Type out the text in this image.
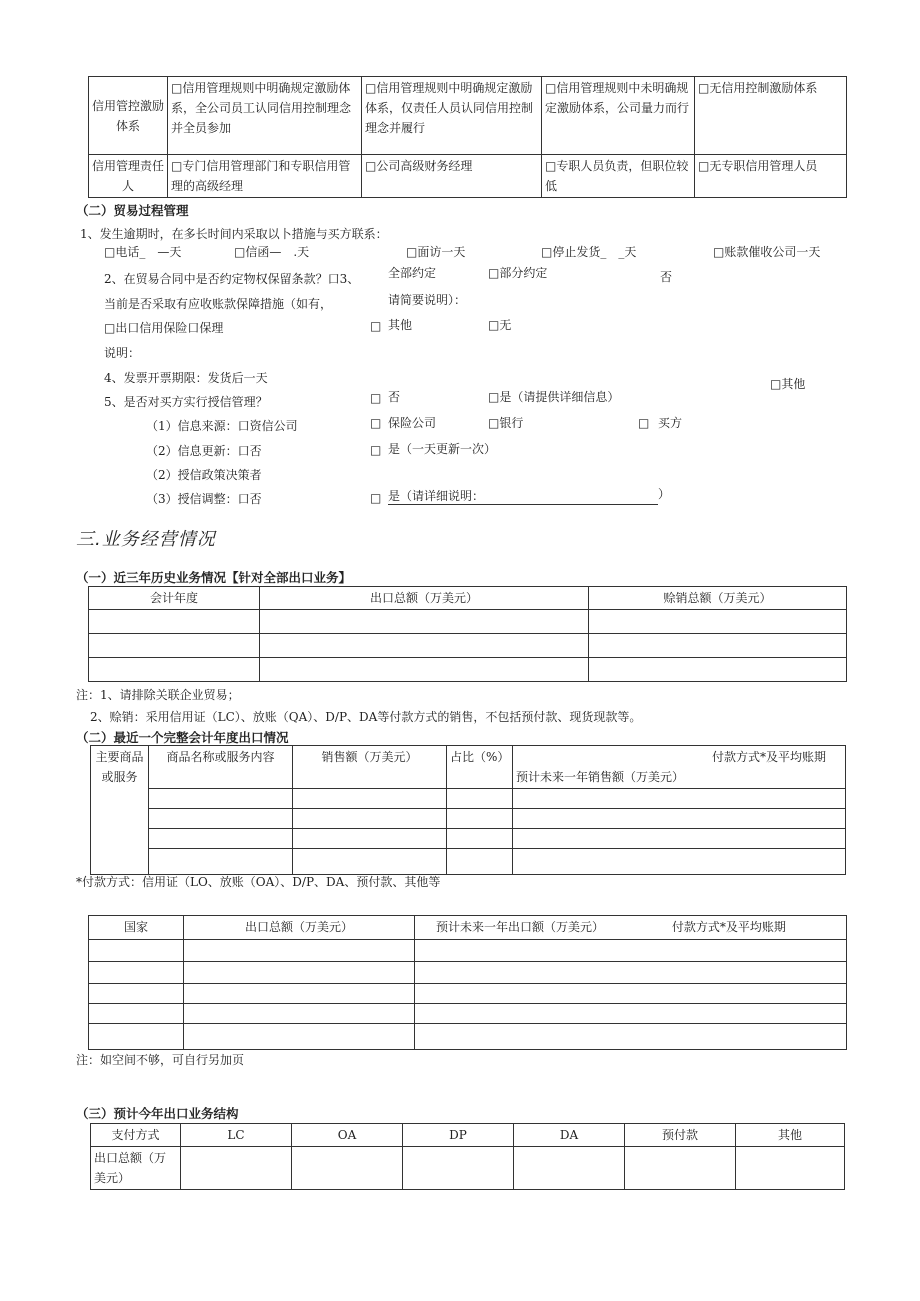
信用管控激励体系	□信用管理规则中明确规定激励体系，全公司员工认同信用控制理念并全员参加	□信用管理规则中明确规定激励体系，仅责任人员认同信用控制理念并履行	□信用管理规则中未明确规定激励体系，公司量力而行	□无信用控制激励体系
信用管理责任人	□专门信用管理部门和专职信用管理的高级经理	□公司高级财务经理	□专职人员负责，但职位较低	□无专职信用管理人员
（二）贸易过程管理
1、发生逾期时，在多长时间内采取以卜措施与买方联系：
□电话_　—天	□信函—　.天	□面访一天	□停止发货_　_天	□账款催收公司一天
2、在贸易合同中是否约定物权保留条款？口3、 全部约定	□部分约定	否
当前是否采取有应收账款保障措施（如有，	请简要说明）：
□出口信用保险口保理	□ 其他	□无
说明：
4、发票开票期限：发货后一天	□其他
5、是否对买方实行授信管理？	□ 否	□是（请提供详细信息）
（1）信息来源：口资信公司	□ 保险公司	□银行	□ 买方
（2）信息更新：口否	□ 是（一天更新一次）
（2）授信政策决策者
（3）授信调整：口否	□ 是（请详细说明：	）
三.业务经营情况
（一）近三年历史业务情况【针对全部出口业务】
会计年度	出口总额（万美元）	赊销总额（万美元）

注：1、请排除关联企业贸易；
2、赊销：采用信用证（LC）、放账（QA）、D/P、DA等付款方式的销售，不包括预付款、现货现款等。
（二）最近一个完整会计年度出口情况
主要商品或服务	商品名称或服务内容	销售额（万美元）	占比（%）	付款方式*及平均账期
预计未来一年销售额（万美元）

*付款方式：信用证（LO、放账（OA）、D/P、DA、预付款、其他等
国家	出口总额（万美元）	预计未来一年出口额（万美元） 付款方式*及平均账期

注：如空间不够，可自行另加页
（三）预计今年出口业务结构
支付方式	LC	OA	DP	DA	预付款	其他
出口总额（万美元）						
